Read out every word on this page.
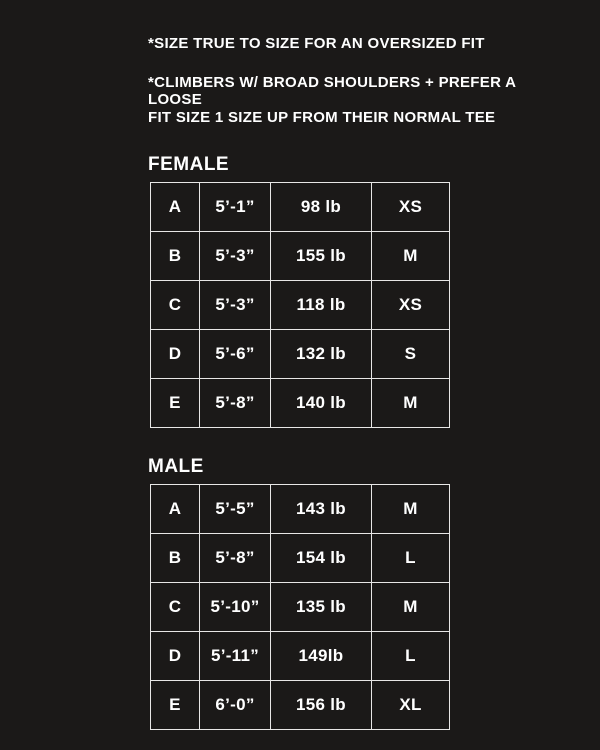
*SIZE TRUE TO SIZE FOR AN OVERSIZED FIT

*CLIMBERS W/ BROAD SHOULDERS + PREFER A LOOSE
FIT SIZE 1 SIZE UP FROM THEIR NORMAL TEE

FEMALE
A	5’-1”	98 lb	XS
B	5’-3”	155 lb	M
C	5’-3”	118 lb	XS
D	5’-6”	132 lb	S
E	5’-8”	140 lb	M
MALE
A	5’-5”	143 lb	M
B	5’-8”	154 lb	L
C	5’-10”	135 lb	M
D	5’-11”	149lb	L
E	6’-0”	156 lb	XL
